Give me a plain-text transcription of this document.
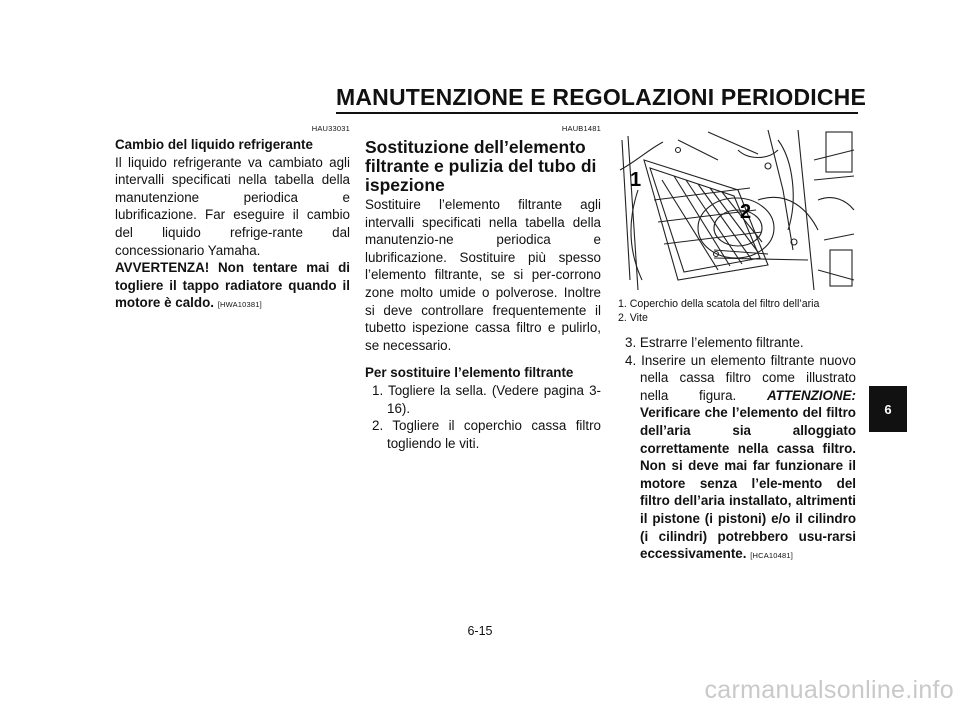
MANUTENZIONE E REGOLAZIONI PERIODICHE
HAU33031
Cambio del liquido refrigerante
Il liquido refrigerante va cambiato agli intervalli specificati nella tabella della manutenzione periodica e lubrificazione. Far eseguire il cambio del liquido refrige-rante dal concessionario Yamaha.
AVVERTENZA! Non tentare mai di togliere il tappo radiatore quando il motore è caldo. [HWA10381]
HAUB1481
Sostituzione dell’elemento filtrante e pulizia del tubo di ispezione
Sostituire l’elemento filtrante agli intervalli specificati nella tabella della manutenzio-ne periodica e lubrificazione. Sostituire più spesso l’elemento filtrante, se si per-corrono zone molto umide o polverose. Inoltre si deve controllare frequentemente il tubetto ispezione cassa filtro e pulirlo, se necessario.
Per sostituire l’elemento filtrante
1. Togliere la sella. (Vedere pagina 3-16).
2. Togliere il coperchio cassa filtro togliendo le viti.
1
2
1. Coperchio della scatola del filtro dell’aria
2. Vite
3. Estrarre l’elemento filtrante.
4. Inserire un elemento filtrante nuovo nella cassa filtro come illustrato nella figura. ATTENZIONE: Verificare che l’elemento del filtro dell’aria sia alloggiato correttamente nella cassa filtro. Non si deve mai far funzionare il motore senza l’ele-mento del filtro dell’aria installato, altrimenti il pistone (i pistoni) e/o il cilindro (i cilindri) potrebbero usu-rarsi eccessivamente. [HCA10481]
6
6-15
carmanualsonline.info
